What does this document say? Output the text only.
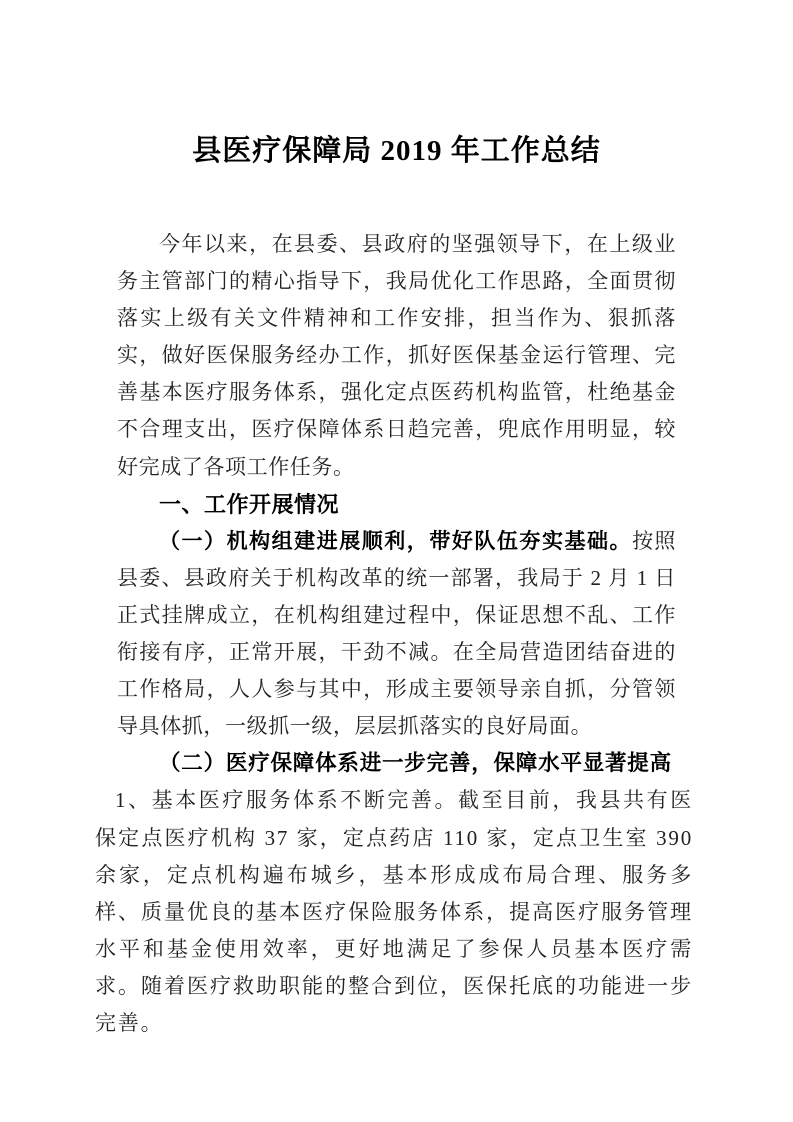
县医疗保障局 2019 年工作总结

今年以来，在县委、县政府的坚强领导下，在上级业务主管部门的精心指导下，我局优化工作思路，全面贯彻落实上级有关文件精神和工作安排，担当作为、狠抓落实，做好医保服务经办工作，抓好医保基金运行管理、完善基本医疗服务体系，强化定点医药机构监管，杜绝基金不合理支出，医疗保障体系日趋完善，兜底作用明显，较好完成了各项工作任务。

一、工作开展情况

（一）机构组建进展顺利，带好队伍夯实基础。按照县委、县政府关于机构改革的统一部署，我局于 2 月 1 日正式挂牌成立，在机构组建过程中，保证思想不乱、工作衔接有序，正常开展，干劲不减。在全局营造团结奋进的工作格局，人人参与其中，形成主要领导亲自抓，分管领导具体抓，一级抓一级，层层抓落实的良好局面。

（二）医疗保障体系进一步完善，保障水平显著提高

1、基本医疗服务体系不断完善。截至目前，我县共有医保定点医疗机构 37 家，定点药店 110 家，定点卫生室 390 余家，定点机构遍布城乡，基本形成成布局合理、服务多样、质量优良的基本医疗保险服务体系，提高医疗服务管理水平和基金使用效率，更好地满足了参保人员基本医疗需求。随着医疗救助职能的整合到位，医保托底的功能进一步完善。
